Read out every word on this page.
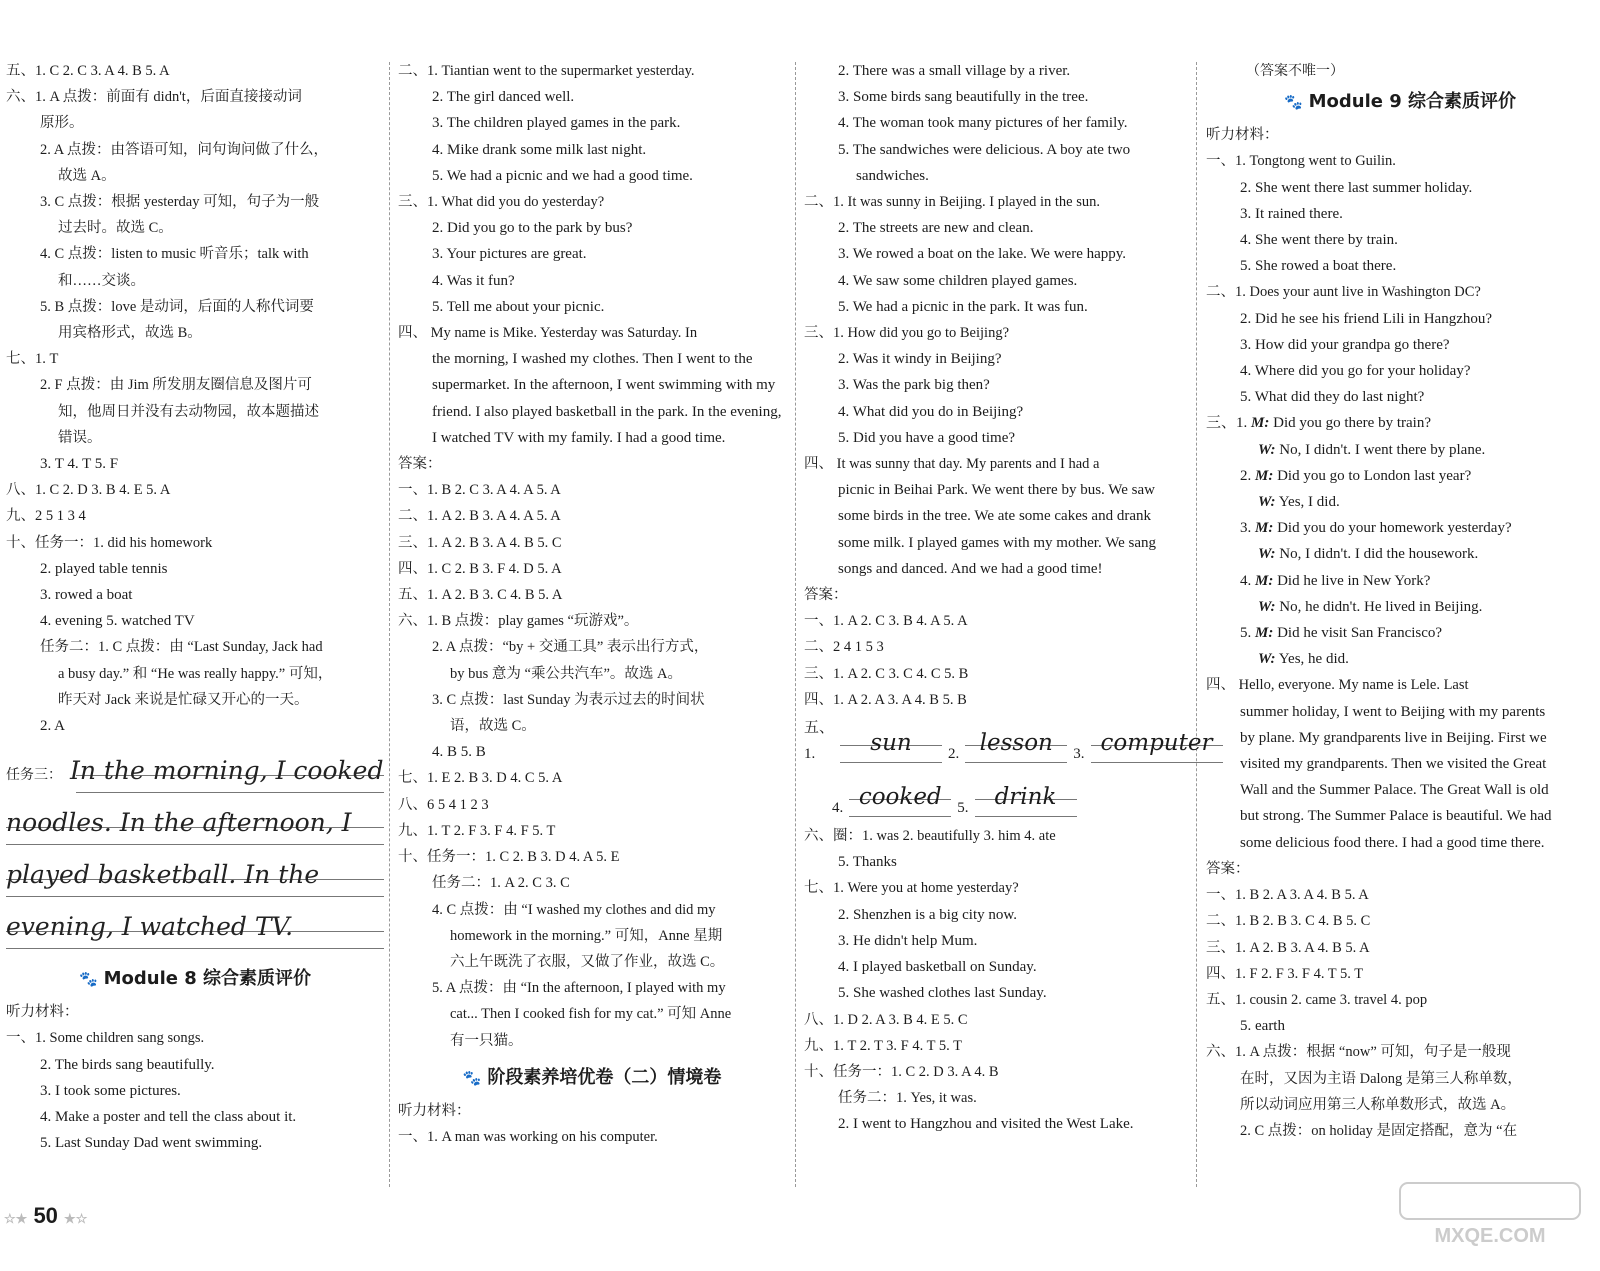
五、1. C 2. C 3. A 4. B 5. A
六、1. A 点拨：前面有 didn't，后面直接接动词
原形。
2. A 点拨：由答语可知，问句询问做了什么，
故选 A。
3. C 点拨：根据 yesterday 可知，句子为一般
过去时。故选 C。
4. C 点拨：listen to music 听音乐；talk with
和……交谈。
5. B 点拨：love 是动词，后面的人称代词要
用宾格形式，故选 B。
七、1. T
2. F 点拨：由 Jim 所发朋友圈信息及图片可
知，他周日并没有去动物园，故本题描述
错误。
3. T 4. T 5. F
八、1. C 2. D 3. B 4. E 5. A
九、2 5 1 3 4
十、任务一：1. did his homework
2. played table tennis
3. rowed a boat
4. evening 5. watched TV
任务二：1. C 点拨：由 “Last Sunday, Jack had
a busy day.” 和 “He was really happy.” 可知，
昨天对 Jack 来说是忙碌又开心的一天。
2. A
任务三： In the morning, I cooked
noodles. In the afternoon, I
played basketball. In the
evening, I watched TV.
🐾 Module 8 综合素质评价
听力材料：
一、1. Some children sang songs.
2. The birds sang beautifully.
3. I took some pictures.
4. Make a poster and tell the class about it.
5. Last Sunday Dad went swimming.
二、1. Tiantian went to the supermarket yesterday.
2. The girl danced well.
3. The children played games in the park.
4. Mike drank some milk last night.
5. We had a picnic and we had a good time.
三、1. What did you do yesterday?
2. Did you go to the park by bus?
3. Your pictures are great.
4. Was it fun?
5. Tell me about your picnic.
四、 My name is Mike. Yesterday was Saturday. In
the morning, I washed my clothes. Then I went to the
supermarket. In the afternoon, I went swimming with my
friend. I also played basketball in the park. In the evening,
I watched TV with my family. I had a good time.
答案：
一、1. B 2. C 3. A 4. A 5. A
二、1. A 2. B 3. A 4. A 5. A
三、1. A 2. B 3. A 4. B 5. C
四、1. C 2. B 3. F 4. D 5. A
五、1. A 2. B 3. C 4. B 5. A
六、1. B 点拨：play games “玩游戏”。
2. A 点拨：“by + 交通工具” 表示出行方式，
by bus 意为 “乘公共汽车”。故选 A。
3. C 点拨：last Sunday 为表示过去的时间状
语，故选 C。
4. B 5. B
七、1. E 2. B 3. D 4. C 5. A
八、6 5 4 1 2 3
九、1. T 2. F 3. F 4. F 5. T
十、任务一：1. C 2. B 3. D 4. A 5. E
任务二：1. A 2. C 3. C
4. C 点拨：由 “I washed my clothes and did my
homework in the morning.” 可知，Anne 星期
六上午既洗了衣服，又做了作业，故选 C。
5. A 点拨：由 “In the afternoon, I played with my
cat... Then I cooked fish for my cat.” 可知 Anne
有一只猫。
🐾 阶段素养培优卷（二）情境卷
听力材料：
一、1. A man was working on his computer.
2. There was a small village by a river.
3. Some birds sang beautifully in the tree.
4. The woman took many pictures of her family.
5. The sandwiches were delicious. A boy ate two
sandwiches.
二、1. It was sunny in Beijing. I played in the sun.
2. The streets are new and clean.
3. We rowed a boat on the lake. We were happy.
4. We saw some children played games.
5. We had a picnic in the park. It was fun.
三、1. How did you go to Beijing?
2. Was it windy in Beijing?
3. Was the park big then?
4. What did you do in Beijing?
5. Did you have a good time?
四、 It was sunny that day. My parents and I had a
picnic in Beihai Park. We went there by bus. We saw
some birds in the tree. We ate some cakes and drank
some milk. I played games with my mother. We sang
songs and danced. And we had a good time!
答案：
一、1. A 2. C 3. B 4. A 5. A
二、2 4 1 5 3
三、1. A 2. C 3. C 4. C 5. B
四、1. A 2. A 3. A 4. B 5. B
五、1.	sun	2. lesson	3. computer
4. cooked	5.	drink
六、圈：1. was 2. beautifully 3. him 4. ate
5. Thanks
七、1. Were you at home yesterday?
2. Shenzhen is a big city now.
3. He didn't help Mum.
4. I played basketball on Sunday.
5. She washed clothes last Sunday.
八、1. D 2. A 3. B 4. E 5. C
九、1. T 2. T 3. F 4. T 5. T
十、任务一：1. C 2. D 3. A 4. B
任务二：1. Yes, it was.
2. I went to Hangzhou and visited the West Lake.
（答案不唯一）
🐾 Module 9 综合素质评价
听力材料：
一、1. Tongtong went to Guilin.
2. She went there last summer holiday.
3. It rained there.
4. She went there by train.
5. She rowed a boat there.
二、1. Does your aunt live in Washington DC?
2. Did he see his friend Lili in Hangzhou?
3. How did your grandpa go there?
4. Where did you go for your holiday?
5. What did they do last night?
三、1. M: Did you go there by train?
W: No, I didn't. I went there by plane.
2. M: Did you go to London last year?
W: Yes, I did.
3. M: Did you do your homework yesterday?
W: No, I didn't. I did the housework.
4. M: Did he live in New York?
W: No, he didn't. He lived in Beijing.
5. M: Did he visit San Francisco?
W: Yes, he did.
四、 Hello, everyone. My name is Lele. Last
summer holiday, I went to Beijing with my parents
by plane. My grandparents live in Beijing. First we
visited my grandparents. Then we visited the Great
Wall and the Summer Palace. The Great Wall is old
but strong. The Summer Palace is beautiful. We had
some delicious food there. I had a good time there.
答案：
一、1. B 2. A 3. A 4. B 5. A
二、1. B 2. B 3. C 4. B 5. C
三、1. A 2. B 3. A 4. B 5. A
四、1. F 2. F 3. F 4. T 5. T
五、1. cousin 2. came 3. travel 4. pop
5. earth
六、1. A 点拨：根据 “now” 可知，句子是一般现
在时，又因为主语 Dalong 是第三人称单数，
所以动词应用第三人称单数形式，故选 A。
2. C 点拨：on holiday 是固定搭配，意为 “在
☆★ 50 ★☆
MXQE.COM
